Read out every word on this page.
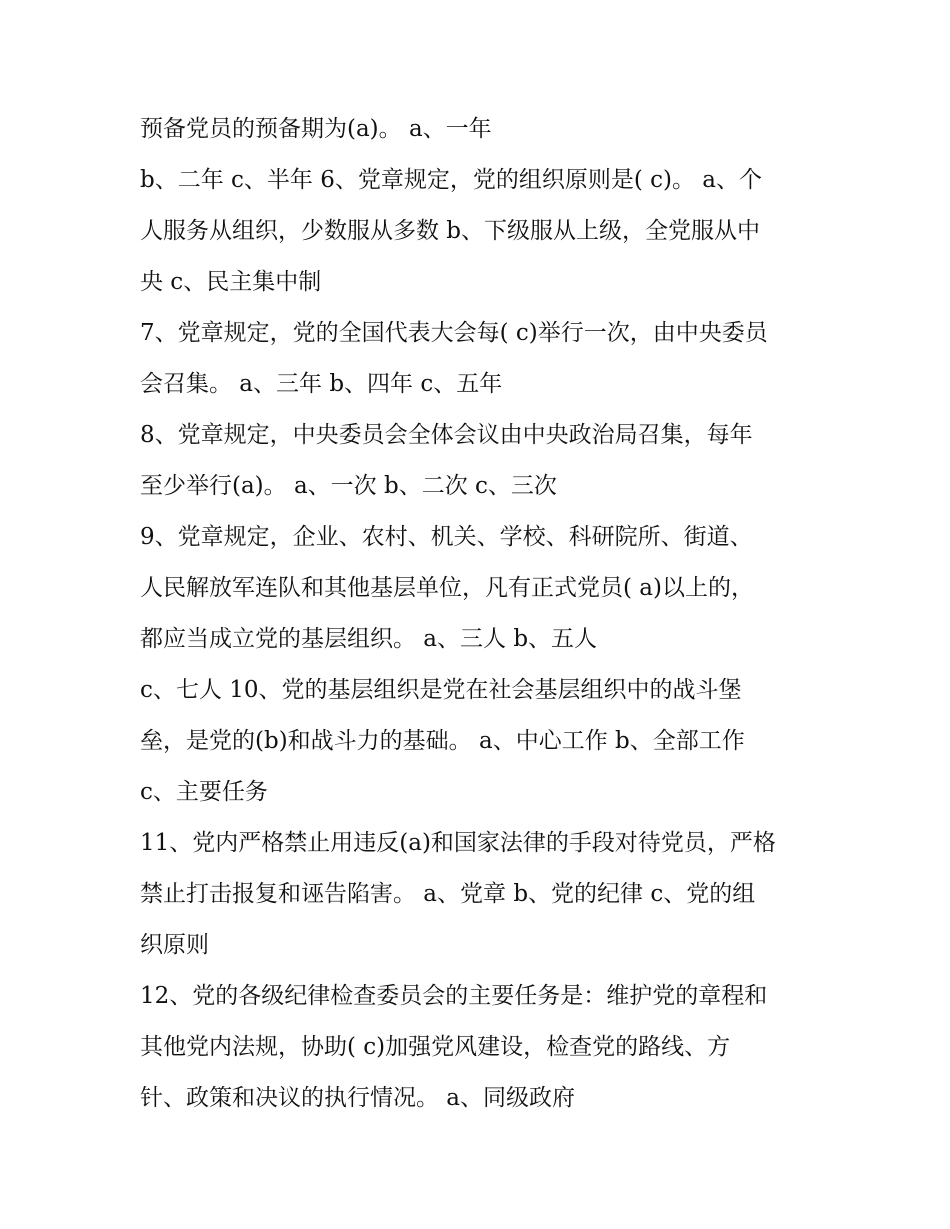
预备党员的预备期为(a)。 a、一年
b、二年 c、半年 6、党章规定，党的组织原则是( c)。 a、个
人服务从组织，少数服从多数 b、下级服从上级，全党服从中
央 c、民主集中制
7、党章规定，党的全国代表大会每( c)举行一次，由中央委员
会召集。 a、三年 b、四年 c、五年
8、党章规定，中央委员会全体会议由中央政治局召集，每年
至少举行(a)。 a、一次 b、二次 c、三次
9、党章规定，企业、农村、机关、学校、科研院所、街道、
人民解放军连队和其他基层单位，凡有正式党员( a)以上的，
都应当成立党的基层组织。 a、三人 b、五人
c、七人 10、党的基层组织是党在社会基层组织中的战斗堡
垒，是党的(b)和战斗力的基础。 a、中心工作 b、全部工作
c、主要任务
11、党内严格禁止用违反(a)和国家法律的手段对待党员，严格
禁止打击报复和诬告陷害。 a、党章 b、党的纪律 c、党的组
织原则
12、党的各级纪律检查委员会的主要任务是：维护党的章程和
其他党内法规，协助( c)加强党风建设，检查党的路线、方
针、政策和决议的执行情况。 a、同级政府
